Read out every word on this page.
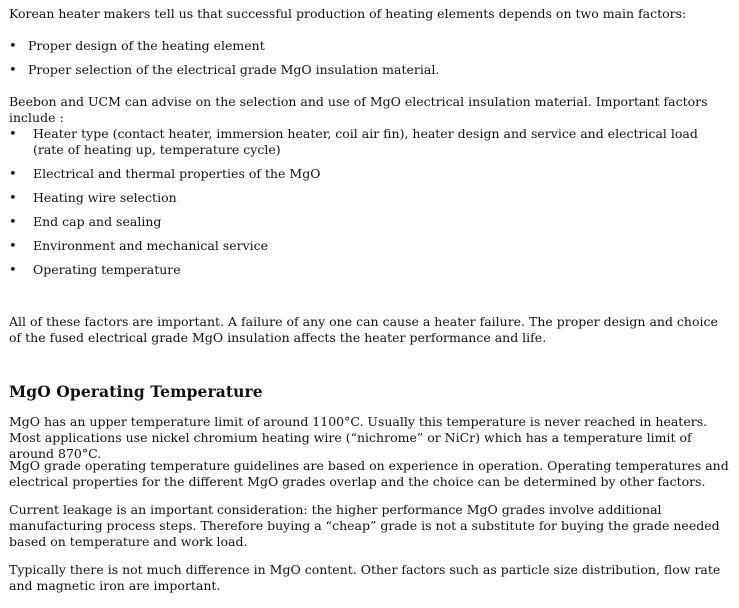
Korean heater makers tell us that successful production of heating elements depends on two main factors:

•
Proper design of the heating element
•
Proper selection of the electrical grade MgO insulation material.

Beebon and UCM can advise on the selection and use of MgO electrical insulation material. Important factors include :

•
Heater type (contact heater, immersion heater, coil air fin), heater design and service and electrical load (rate of heating up, temperature cycle)
•
Electrical and thermal properties of the MgO
•
Heating wire selection
•
End cap and sealing
•
Environment and mechanical service
•
Operating temperature

All of these factors are important. A failure of any one can cause a heater failure. The proper design and choice of the fused electrical grade MgO insulation affects the heater performance and life.

MgO Operating Temperature

MgO has an upper temperature limit of around 1100°C. Usually this temperature is never reached in heaters. Most applications use nickel chromium heating wire (“nichrome” or NiCr) which has a temperature limit of around 870°C.

MgO grade operating temperature guidelines are based on experience in operation. Operating temperatures and electrical properties for the different MgO grades overlap and the choice can be determined by other factors.

Current leakage is an important consideration: the higher performance MgO grades involve additional manufacturing process steps. Therefore buying a “cheap” grade is not a substitute for buying the grade needed based on temperature and work load.

Typically there is not much difference in MgO content. Other factors such as particle size distribution, flow rate and magnetic iron are important.
